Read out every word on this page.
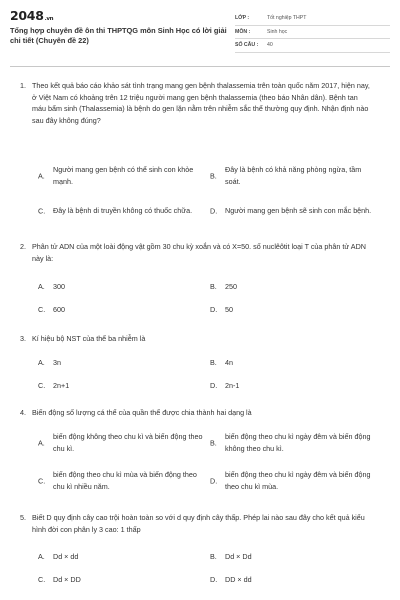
2048.vn
Tổng hợp chuyên đề ôn thi THPTQG môn Sinh Học có lời giải chi tiết (Chuyên đề 22)
LỚP :	Tốt nghiệp THPT
MÔN :	Sinh học
SỐ CÂU :	40
1. Theo kết quả báo cáo khảo sát tình trạng mang gen bệnh thalassemia trên toàn quốc năm 2017, hiện nay, ở Việt Nam có khoảng trên 12 triệu người mang gen bệnh thalassemia (theo báo Nhân dân). Bệnh tan máu bẩm sinh (Thalassemia) là bệnh do gen lặn nằm trên nhiễm sắc thể thường quy định. Nhận định nào sau đây không đúng?
A.
Người mang gen bệnh có thể sinh con khỏe mạnh.
B.
Đây là bệnh có khả năng phòng ngừa, tầm soát.
C.	Đây là bệnh di truyền không có thuốc chữa.	D.	Người mang gen bệnh sẽ sinh con mắc bệnh.
2. Phân tử ADN của một loài động vật gồm 30 chu kỳ xoắn và có X=50. số nuclêôtit loại T của phân tử ADN này là:
A.	300	B.	250
C.	600	D.	50
3. Kí hiệu bộ NST của thể ba nhiễm là
A.	3n	B.	4n
C.	2n+1	D.	2n-1
4. Biến động số lượng cá thể của quần thể được chia thành hai dạng là
A.
biến động không theo chu kì và biến động theo chu kì.
B.
biến động theo chu kì ngày đêm và biến động không theo chu kì.
C.
biến động theo chu kì mùa và biến động theo chu kì nhiều năm.
D.
biến động theo chu kì ngày đêm và biến động theo chu kì mùa.
5. Biết D quy định cây cao trội hoàn toàn so với d quy định cây thấp. Phép lai nào sau đây cho kết quả kiểu hình đời con phân ly 3 cao: 1 thấp
A.	Dd × dd	B.	Dd × Dd
C.	Dd × DD	D.	DD × dd
